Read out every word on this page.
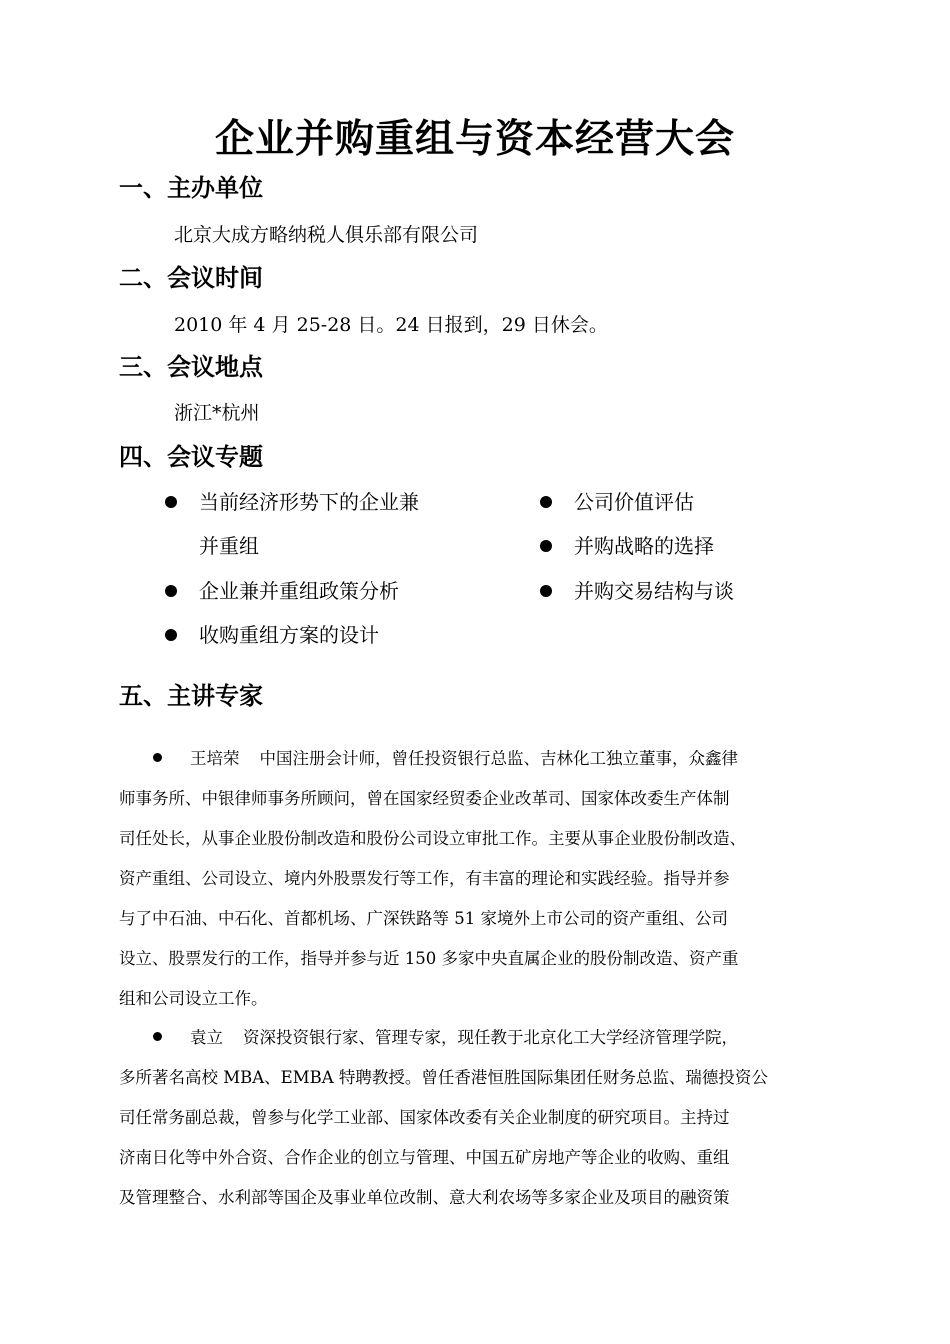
企业并购重组与资本经营大会
一、主办单位

北京大成方略纳税人俱乐部有限公司

二、会议时间

2010 年 4 月 25-28 日。24 日报到，29 日休会。

三、会议地点

浙江*杭州

四、会议专题
当前经济形势下的企业兼
并重组
企业兼并重组政策分析
收购重组方案的设计
公司价值评估
并购战略的选择
并购交易结构与谈
五、主讲专家
王培荣 中国注册会计师，曾任投资银行总监、吉林化工独立董事，众鑫律
师事务所、中银律师事务所顾问，曾在国家经贸委企业改革司、国家体改委生产体制
司任处长，从事企业股份制改造和股份公司设立审批工作。主要从事企业股份制改造、
资产重组、公司设立、境内外股票发行等工作，有丰富的理论和实践经验。指导并参
与了中石油、中石化、首都机场、广深铁路等 51 家境外上市公司的资产重组、公司
设立、股票发行的工作，指导并参与近 150 多家中央直属企业的股份制改造、资产重
组和公司设立工作。
袁立 资深投资银行家、管理专家，现任教于北京化工大学经济管理学院，
多所著名高校 MBA、EMBA 特聘教授。曾任香港恒胜国际集团任财务总监、瑞德投资公
司任常务副总裁，曾参与化学工业部、国家体改委有关企业制度的研究项目。主持过
济南日化等中外合资、合作企业的创立与管理、中国五矿房地产等企业的收购、重组
及管理整合、水利部等国企及事业单位改制、意大利农场等多家企业及项目的融资策
